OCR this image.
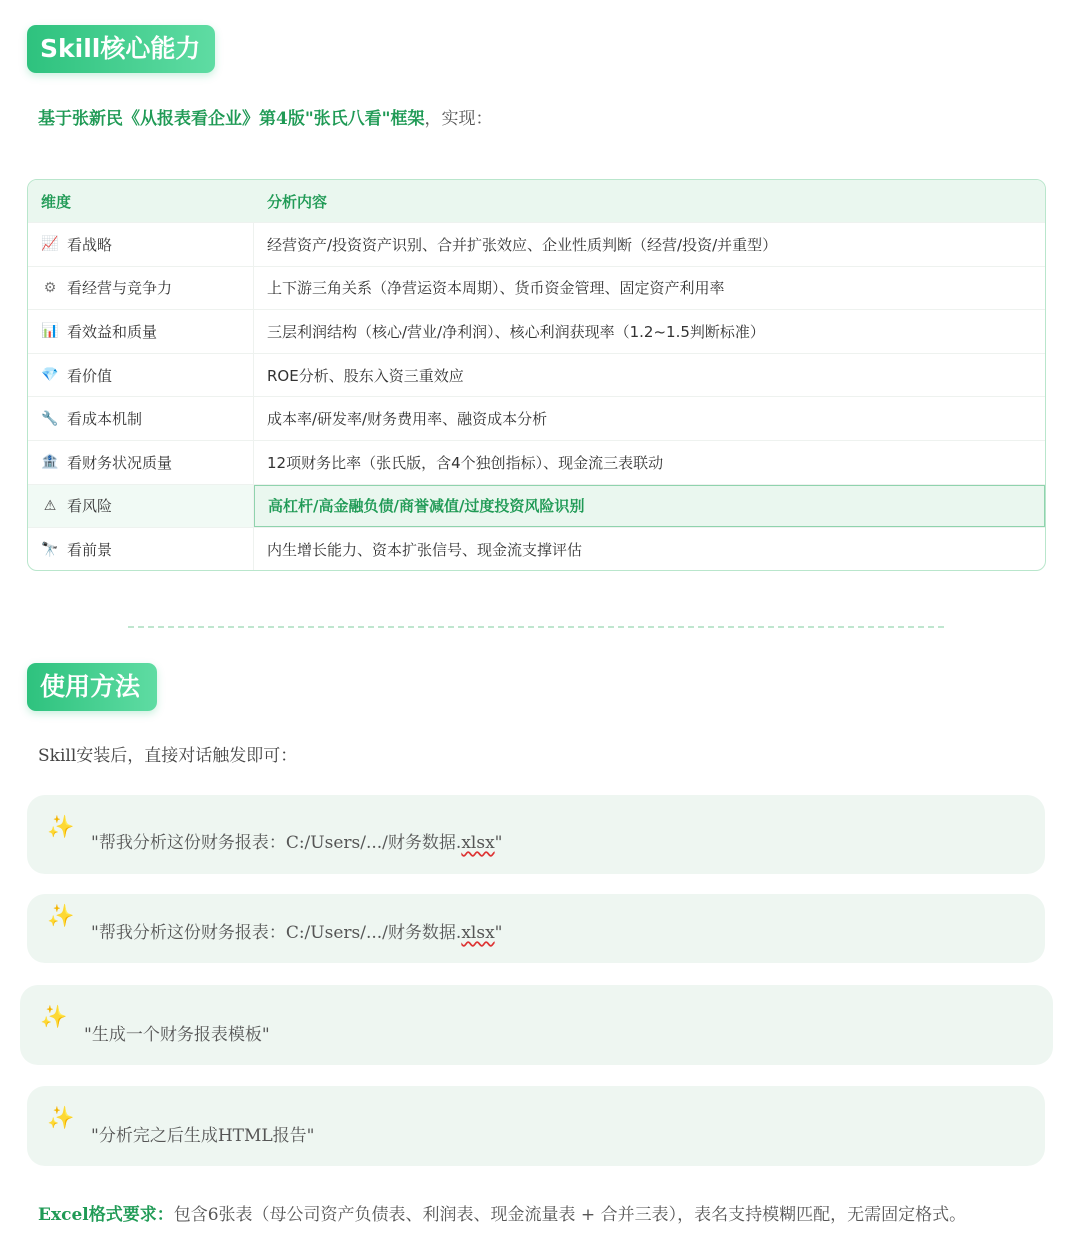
Skill核心能力
基于张新民《从报表看企业》第4版"张氏八看"框架，实现：
维度	分析内容
📈 看战略	经营资产/投资资产识别、合并扩张效应、企业性质判断（经营/投资/并重型）
⚙ 看经营与竞争力	上下游三角关系（净营运资本周期）、货币资金管理、固定资产利用率
📊 看效益和质量	三层利润结构（核心/营业/净利润）、核心利润获现率（1.2~1.5判断标准）
💎 看价值	ROE分析、股东入资三重效应
🔧 看成本机制	成本率/研发率/财务费用率、融资成本分析
🏦 看财务状况质量	12项财务比率（张氏版，含4个独创指标）、现金流三表联动
⚠ 看风险	高杠杆/高金融负债/商誉减值/过度投资风险识别
🔭 看前景	内生增长能力、资本扩张信号、现金流支撑评估
使用方法
Skill安装后，直接对话触发即可：
✨
"帮我分析这份财务报表：C:/Users/.../财务数据.xlsx"
✨
"帮我分析这份财务报表：C:/Users/.../财务数据.xlsx"
✨
"生成一个财务报表模板"
✨
"分析完之后生成HTML报告"
Excel格式要求：包含6张表（母公司资产负债表、利润表、现金流量表 + 合并三表），表名支持模糊匹配，无需固定格式。
